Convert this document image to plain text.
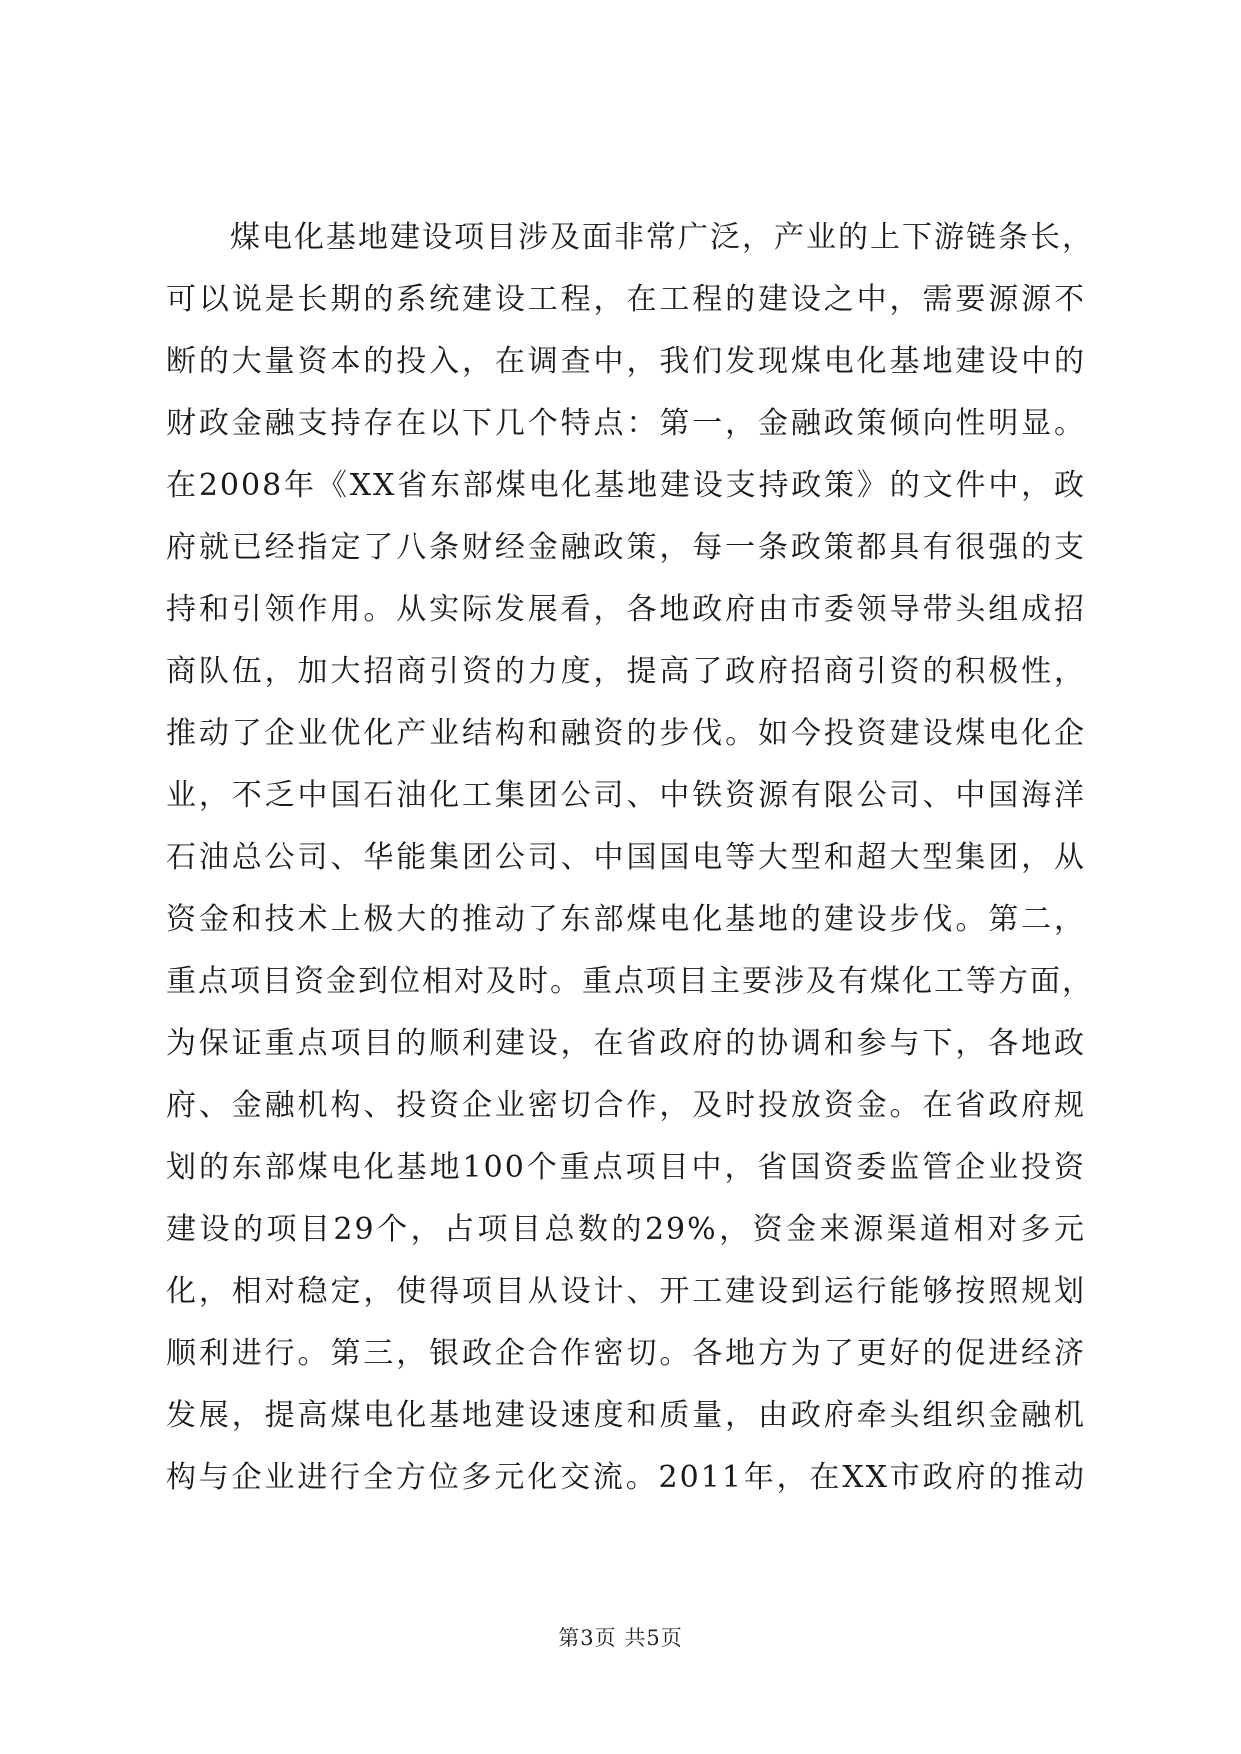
煤电化基地建设项目涉及面非常广泛，产业的上下游链条长，
可以说是长期的系统建设工程，在工程的建设之中，需要源源不
断的大量资本的投入，在调查中，我们发现煤电化基地建设中的
财政金融支持存在以下几个特点：第一，金融政策倾向性明显。
在2008年《XX省东部煤电化基地建设支持政策》的文件中，政
府就已经指定了八条财经金融政策，每一条政策都具有很强的支
持和引领作用。从实际发展看，各地政府由市委领导带头组成招
商队伍，加大招商引资的力度，提高了政府招商引资的积极性，
推动了企业优化产业结构和融资的步伐。如今投资建设煤电化企
业，不乏中国石油化工集团公司、中铁资源有限公司、中国海洋
石油总公司、华能集团公司、中国国电等大型和超大型集团，从
资金和技术上极大的推动了东部煤电化基地的建设步伐。第二，
重点项目资金到位相对及时。重点项目主要涉及有煤化工等方面，
为保证重点项目的顺利建设，在省政府的协调和参与下，各地政
府、金融机构、投资企业密切合作，及时投放资金。在省政府规
划的东部煤电化基地100个重点项目中，省国资委监管企业投资
建设的项目29个，占项目总数的29%，资金来源渠道相对多元
化，相对稳定，使得项目从设计、开工建设到运行能够按照规划
顺利进行。第三，银政企合作密切。各地方为了更好的促进经济
发展，提高煤电化基地建设速度和质量，由政府牵头组织金融机
构与企业进行全方位多元化交流。2011年，在XX市政府的推动
第3页 共5页
